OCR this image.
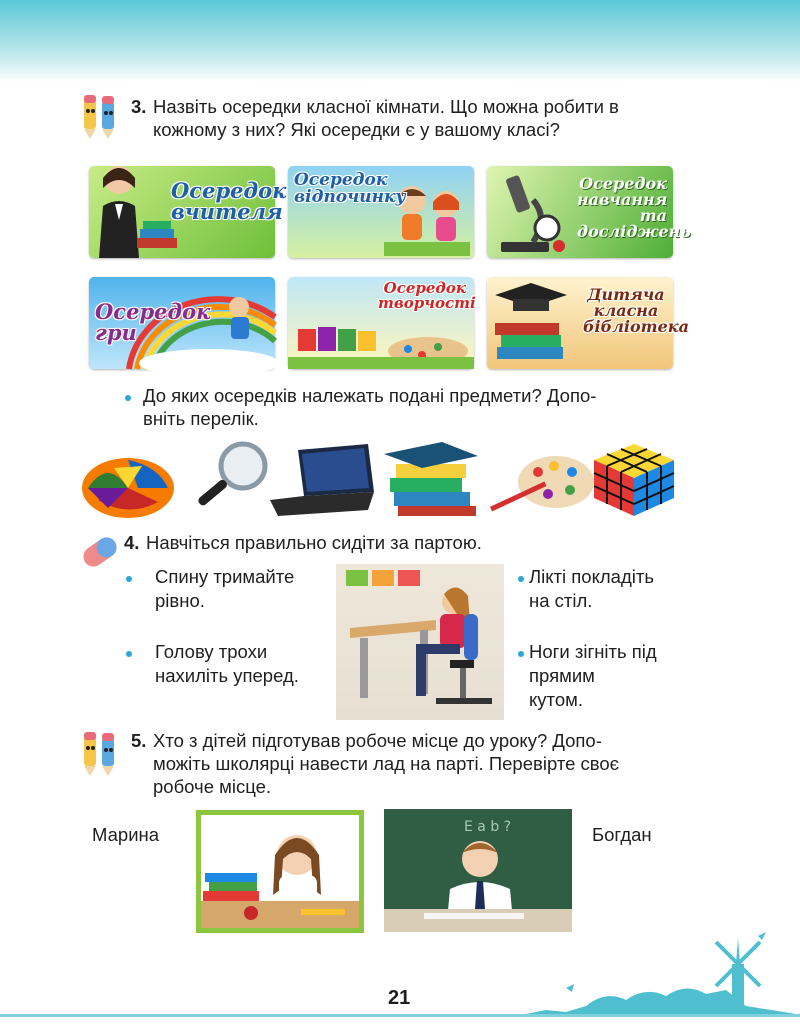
3. Назвіть осередки класної кімнати. Що можна робити в
кожному з них? Які осередки є у вашому класі?
Осередок
вчителя
Осередок
відпочинку
Осередок
навчання та
досліджень
Осередок
гри
Осередок
творчості	Дитяча
класна
бібліотека
До яких осередків належать подані предмети? Допо-
вніть перелік.
4. Навчіться правильно сидіти за партою.
Спину тримайте
рівно.
Голову трохи
нахиліть уперед.
Лікті покладіть
на стіл.
Ноги зігніть під
прямим
кутом.
5. Хто з дітей підготував робоче місце до уроку? Допо-
можіть школярці навести лад на парті. Перевірте своє
робоче місце.
Марина	E a b ?	Богдан
21
